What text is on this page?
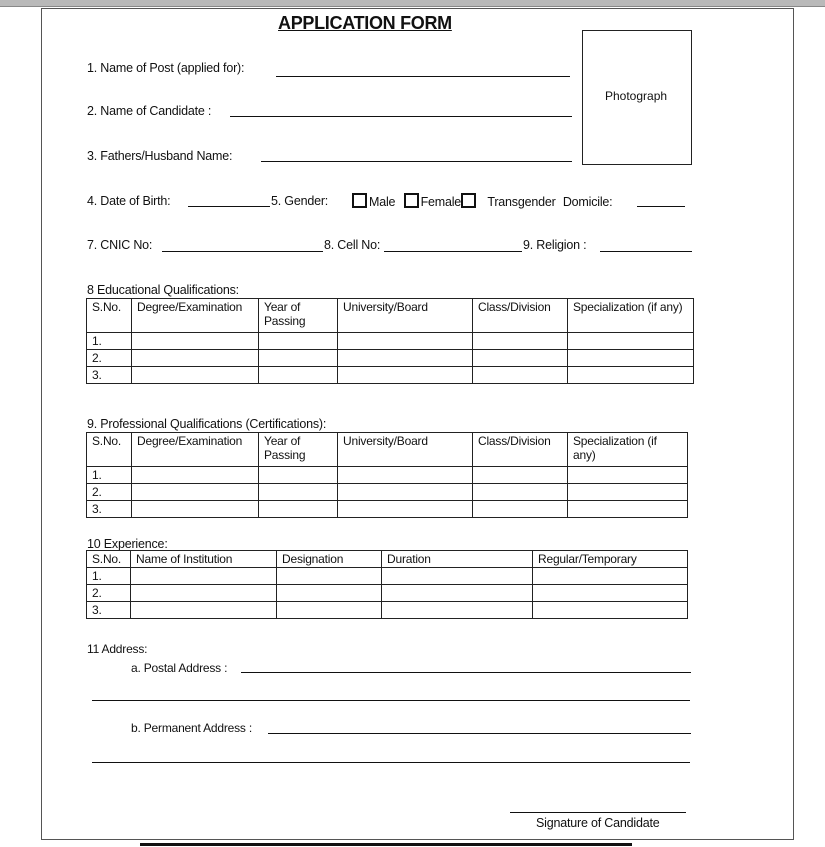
APPLICATION FORM
Photograph
1. Name of Post (applied for):
2. Name of Candidate :
3. Fathers/Husband Name:
4. Date of Birth:	5. Gender:	Male Female Transgender Domicile:
7. CNIC No:	8. Cell No:	9. Religion :
8 Educational Qualifications:
S.No.	Degree/Examination	Year of Passing	University/Board	Class/Division	Specialization (if any)
1.					
2.					
3.					
9. Professional Qualifications (Certifications):
S.No.	Degree/Examination	Year of Passing	University/Board	Class/Division	Specialization (if any)
1.					
2.					
3.					
10 Experience:
S.No.	Name of Institution	Designation	Duration	Regular/Temporary
1.				
2.				
3.				
11 Address:
a. Postal Address :
b. Permanent Address :
Signature of Candidate
